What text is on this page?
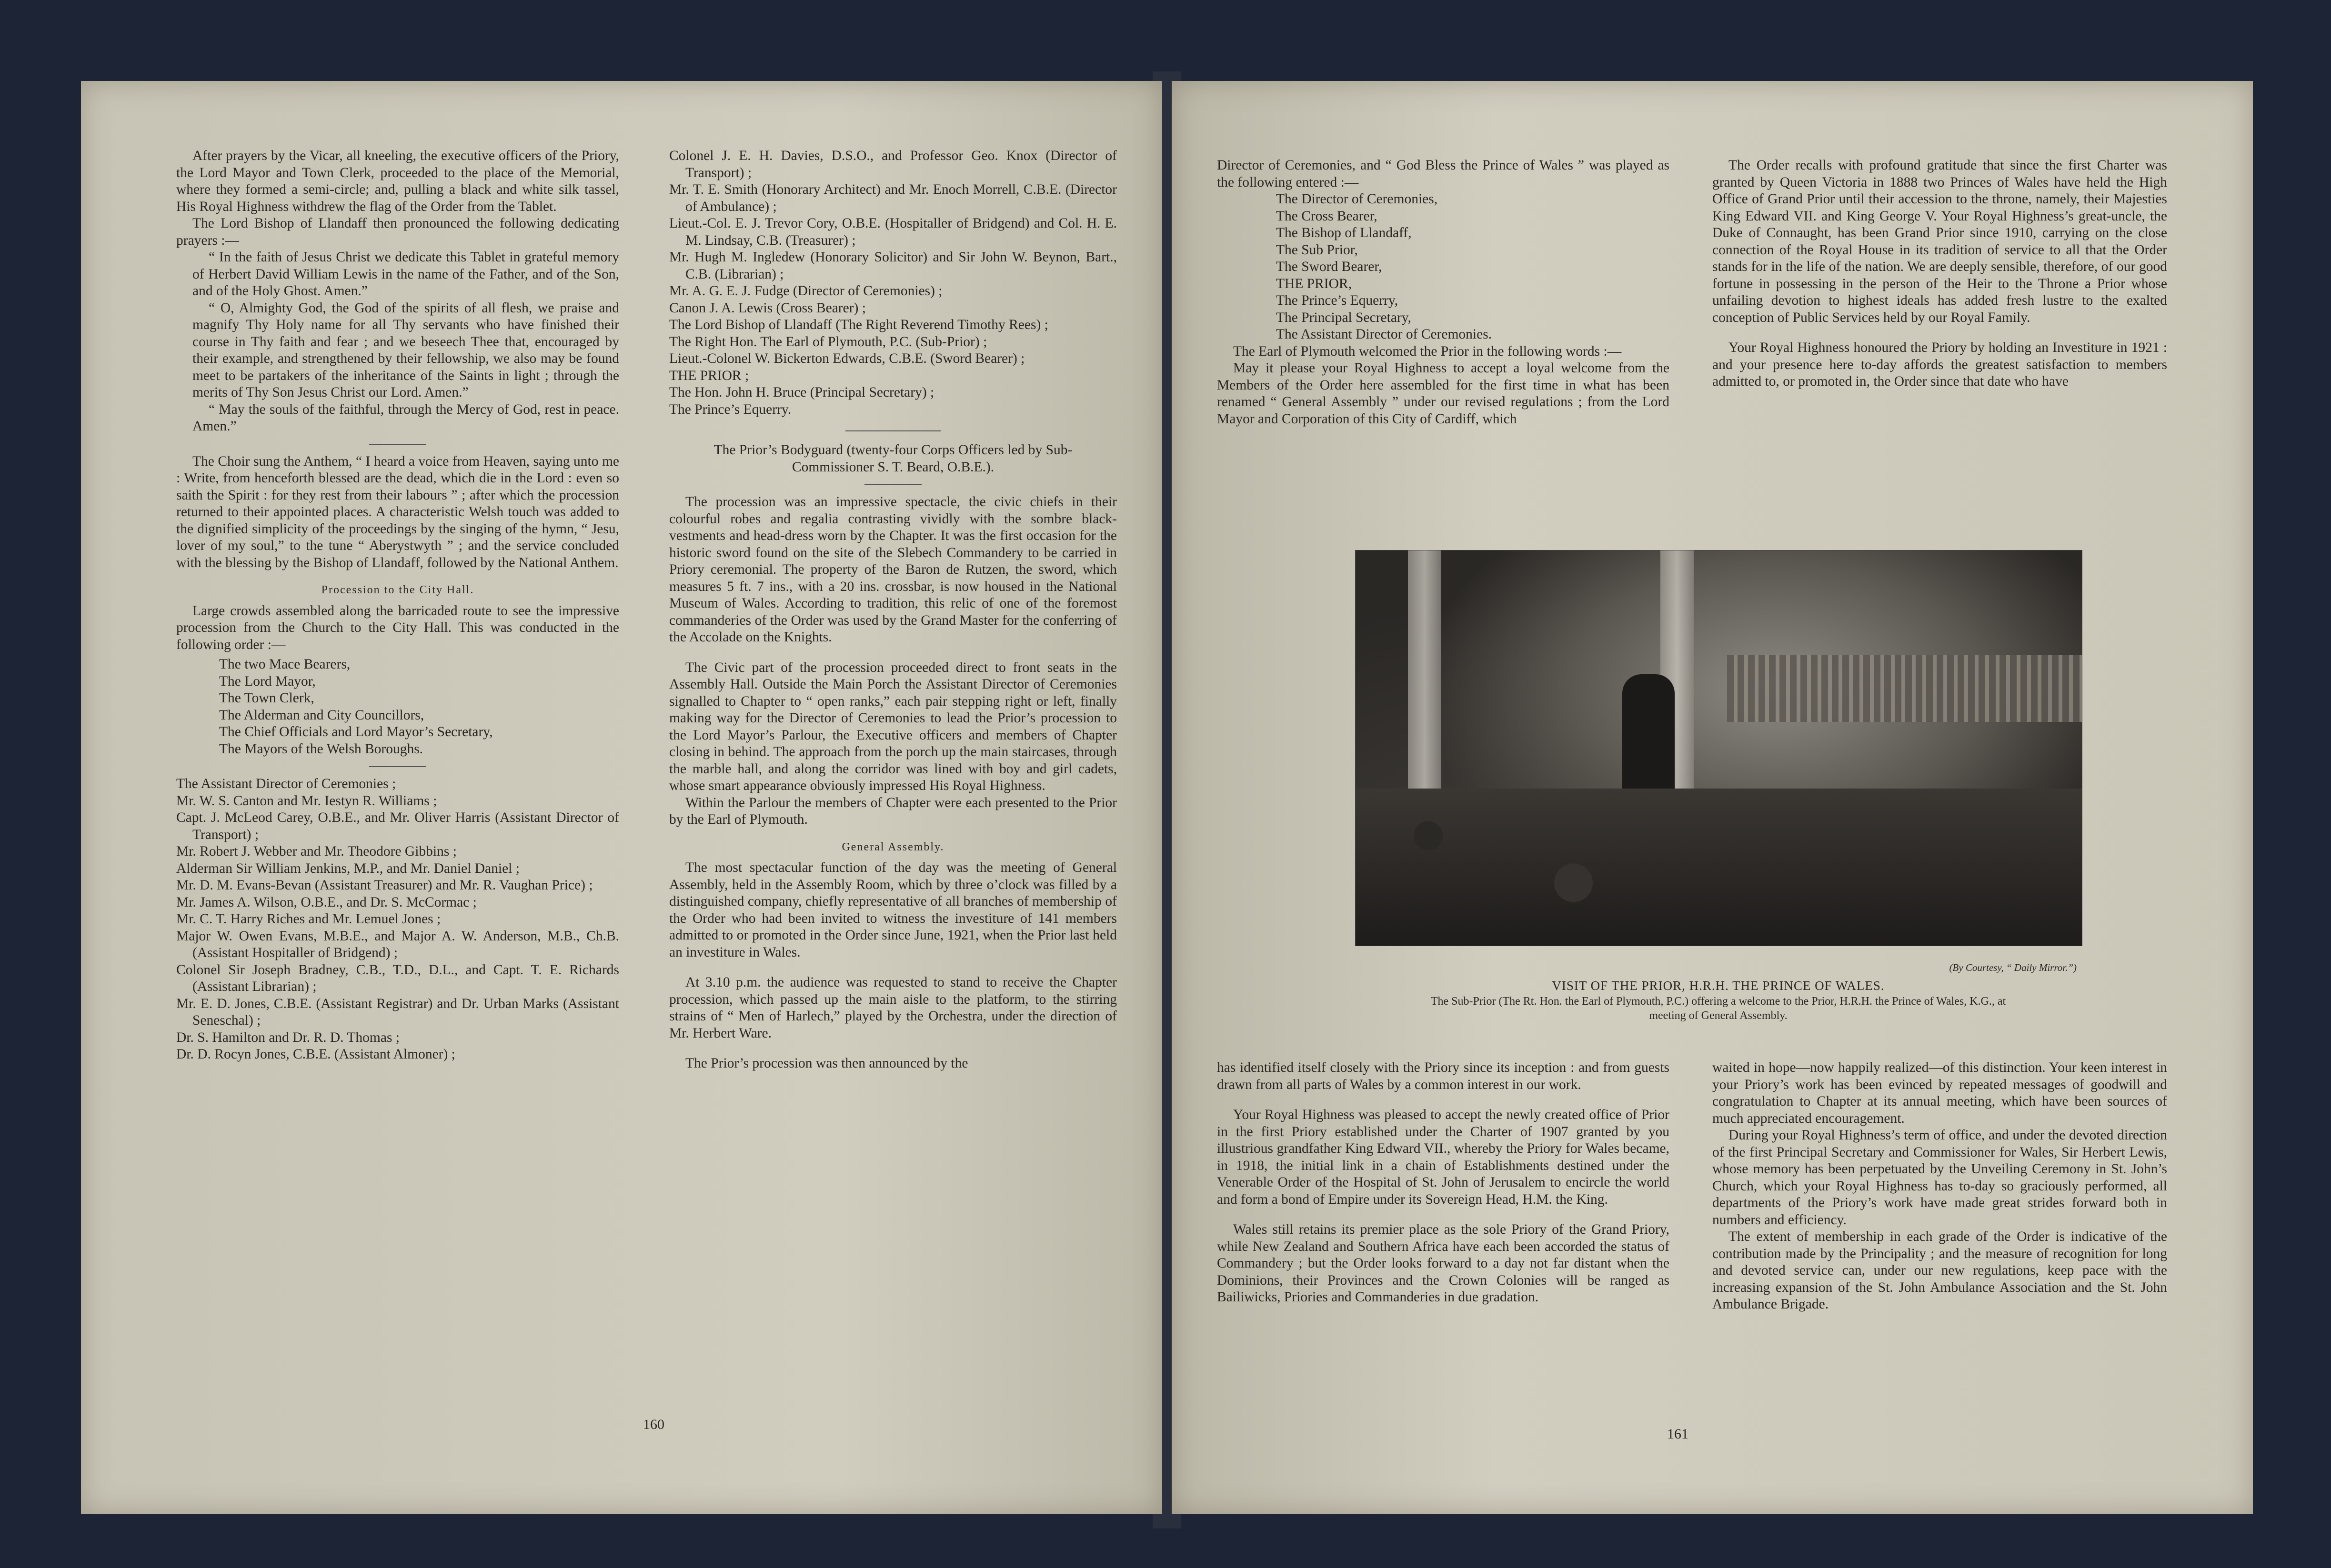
After prayers by the Vicar, all kneeling, the executive officers of the Priory, the Lord Mayor and Town Clerk, proceeded to the place of the Memorial, where they formed a semi-circle; and, pulling a black and white silk tassel, His Royal Highness withdrew the flag of the Order from the Tablet.

The Lord Bishop of Llandaff then pronounced the following dedicating prayers :—

“ In the faith of Jesus Christ we dedicate this Tablet in grateful memory of Herbert David William Lewis in the name of the Father, and of the Son, and of the Holy Ghost. Amen.”

“ O, Almighty God, the God of the spirits of all flesh, we praise and magnify Thy Holy name for all Thy servants who have finished their course in Thy faith and fear ; and we beseech Thee that, encouraged by their example, and strengthened by their fellowship, we also may be found meet to be partakers of the inheritance of the Saints in light ; through the merits of Thy Son Jesus Christ our Lord. Amen.”

“ May the souls of the faithful, through the Mercy of God, rest in peace. Amen.”

The Choir sung the Anthem, “ I heard a voice from Heaven, saying unto me : Write, from henceforth blessed are the dead, which die in the Lord : even so saith the Spirit : for they rest from their labours ” ; after which the procession returned to their appointed places. A characteristic Welsh touch was added to the dignified simplicity of the proceedings by the singing of the hymn, “ Jesu, lover of my soul,” to the tune “ Aberystwyth ” ; and the service concluded with the blessing by the Bishop of Llandaff, followed by the National Anthem.

Procession to the City Hall.

Large crowds assembled along the barricaded route to see the impressive procession from the Church to the City Hall. This was conducted in the following order :—

The two Mace Bearers,
The Lord Mayor,
The Town Clerk,
The Alderman and City Councillors,
The Chief Officials and Lord Mayor’s Secretary,
The Mayors of the Welsh Boroughs.

The Assistant Director of Ceremonies ;

Mr. W. S. Canton and Mr. Iestyn R. Williams ;

Capt. J. McLeod Carey, O.B.E., and Mr. Oliver Harris (Assistant Director of Transport) ;

Mr. Robert J. Webber and Mr. Theodore Gibbins ;

Alderman Sir William Jenkins, M.P., and Mr. Daniel Daniel ;

Mr. D. M. Evans-Bevan (Assistant Treasurer) and Mr. R. Vaughan Price) ;

Mr. James A. Wilson, O.B.E., and Dr. S. McCormac ;

Mr. C. T. Harry Riches and Mr. Lemuel Jones ;

Major W. Owen Evans, M.B.E., and Major A. W. Anderson, M.B., Ch.B. (Assistant Hospitaller of Bridgend) ;

Colonel Sir Joseph Bradney, C.B., T.D., D.L., and Capt. T. E. Richards (Assistant Librarian) ;

Mr. E. D. Jones, C.B.E. (Assistant Registrar) and Dr. Urban Marks (Assistant Seneschal) ;

Dr. S. Hamilton and Dr. R. D. Thomas ;

Dr. D. Rocyn Jones, C.B.E. (Assistant Almoner) ;

Colonel J. E. H. Davies, D.S.O., and Professor Geo. Knox (Director of Transport) ;

Mr. T. E. Smith (Honorary Architect) and Mr. Enoch Morrell, C.B.E. (Director of Ambulance) ;

Lieut.-Col. E. J. Trevor Cory, O.B.E. (Hospitaller of Bridgend) and Col. H. E. M. Lindsay, C.B. (Treasurer) ;

Mr. Hugh M. Ingledew (Honorary Solicitor) and Sir John W. Beynon, Bart., C.B. (Librarian) ;

Mr. A. G. E. J. Fudge (Director of Ceremonies) ;

Canon J. A. Lewis (Cross Bearer) ;

The Lord Bishop of Llandaff (The Right Reverend Timothy Rees) ;

The Right Hon. The Earl of Plymouth, P.C. (Sub-Prior) ;

Lieut.-Colonel W. Bickerton Edwards, C.B.E. (Sword Bearer) ;

THE PRIOR ;

The Hon. John H. Bruce (Principal Secretary) ;

The Prince’s Equerry.

The Prior’s Bodyguard (twenty-four Corps Officers led by Sub-Commissioner S. T. Beard, O.B.E.).

The procession was an impressive spectacle, the civic chiefs in their colourful robes and regalia contrasting vividly with the sombre black-vestments and head-dress worn by the Chapter. It was the first occasion for the historic sword found on the site of the Slebech Commandery to be carried in Priory ceremonial. The property of the Baron de Rutzen, the sword, which measures 5 ft. 7 ins., with a 20 ins. crossbar, is now housed in the National Museum of Wales. According to tradition, this relic of one of the foremost commanderies of the Order was used by the Grand Master for the conferring of the Accolade on the Knights.

The Civic part of the procession proceeded direct to front seats in the Assembly Hall. Outside the Main Porch the Assistant Director of Ceremonies signalled to Chapter to “ open ranks,” each pair stepping right or left, finally making way for the Director of Ceremonies to lead the Prior’s procession to the Lord Mayor’s Parlour, the Executive officers and members of Chapter closing in behind. The approach from the porch up the main staircases, through the marble hall, and along the corridor was lined with boy and girl cadets, whose smart appearance obviously impressed His Royal Highness.

Within the Parlour the members of Chapter were each presented to the Prior by the Earl of Plymouth.

General Assembly.

The most spectacular function of the day was the meeting of General Assembly, held in the Assembly Room, which by three o’clock was filled by a distinguished company, chiefly representative of all branches of membership of the Order who had been invited to witness the investiture of 141 members admitted to or promoted in the Order since June, 1921, when the Prior last held an investiture in Wales.

At 3.10 p.m. the audience was requested to stand to receive the Chapter procession, which passed up the main aisle to the platform, to the stirring strains of “ Men of Harlech,” played by the Orchestra, under the direction of Mr. Herbert Ware.

The Prior’s procession was then announced by the

160

Director of Ceremonies, and “ God Bless the Prince of Wales ” was played as the following entered :—

The Director of Ceremonies,
The Cross Bearer,
The Bishop of Llandaff,
The Sub Prior,
The Sword Bearer,
THE PRIOR,
The Prince’s Equerry,
The Principal Secretary,
The Assistant Director of Ceremonies.

The Earl of Plymouth welcomed the Prior in the following words :—

May it please your Royal Highness to accept a loyal welcome from the Members of the Order here assembled for the first time in what has been renamed “ General Assembly ” under our revised regulations ; from the Lord Mayor and Corporation of this City of Cardiff, which

The Order recalls with profound gratitude that since the first Charter was granted by Queen Victoria in 1888 two Princes of Wales have held the High Office of Grand Prior until their accession to the throne, namely, their Majesties King Edward VII. and King George V. Your Royal Highness’s great-uncle, the Duke of Connaught, has been Grand Prior since 1910, carrying on the close connection of the Royal House in its tradition of service to all that the Order stands for in the life of the nation. We are deeply sensible, therefore, of our good fortune in possessing in the person of the Heir to the Throne a Prior whose unfailing devotion to highest ideals has added fresh lustre to the exalted conception of Public Services held by our Royal Family.

Your Royal Highness honoured the Priory by holding an Investiture in 1921 : and your presence here to-day affords the greatest satisfaction to members admitted to, or promoted in, the Order since that date who have

(By Courtesy, “ Daily Mirror.”)
VISIT OF THE PRIOR, H.R.H. THE PRINCE OF WALES.
The Sub-Prior (The Rt. Hon. the Earl of Plymouth, P.C.) offering a welcome to the Prior, H.R.H. the Prince of Wales, K.G., at meeting of General Assembly.

has identified itself closely with the Priory since its inception : and from guests drawn from all parts of Wales by a common interest in our work.

Your Royal Highness was pleased to accept the newly created office of Prior in the first Priory established under the Charter of 1907 granted by you illustrious grandfather King Edward VII., whereby the Priory for Wales became, in 1918, the initial link in a chain of Establishments destined under the Venerable Order of the Hospital of St. John of Jerusalem to encircle the world and form a bond of Empire under its Sovereign Head, H.M. the King.

Wales still retains its premier place as the sole Priory of the Grand Priory, while New Zealand and Southern Africa have each been accorded the status of Commandery ; but the Order looks forward to a day not far distant when the Dominions, their Provinces and the Crown Colonies will be ranged as Bailiwicks, Priories and Commanderies in due gradation.

waited in hope—now happily realized—of this distinction. Your keen interest in your Priory’s work has been evinced by repeated messages of goodwill and congratulation to Chapter at its annual meeting, which have been sources of much appreciated encouragement.

During your Royal Highness’s term of office, and under the devoted direction of the first Principal Secretary and Commissioner for Wales, Sir Herbert Lewis, whose memory has been perpetuated by the Unveiling Ceremony in St. John’s Church, which your Royal Highness has to-day so graciously performed, all departments of the Priory’s work have made great strides forward both in numbers and efficiency.

The extent of membership in each grade of the Order is indicative of the contribution made by the Principality ; and the measure of recognition for long and devoted service can, under our new regulations, keep pace with the increasing expansion of the St. John Ambulance Association and the St. John Ambulance Brigade.

161
